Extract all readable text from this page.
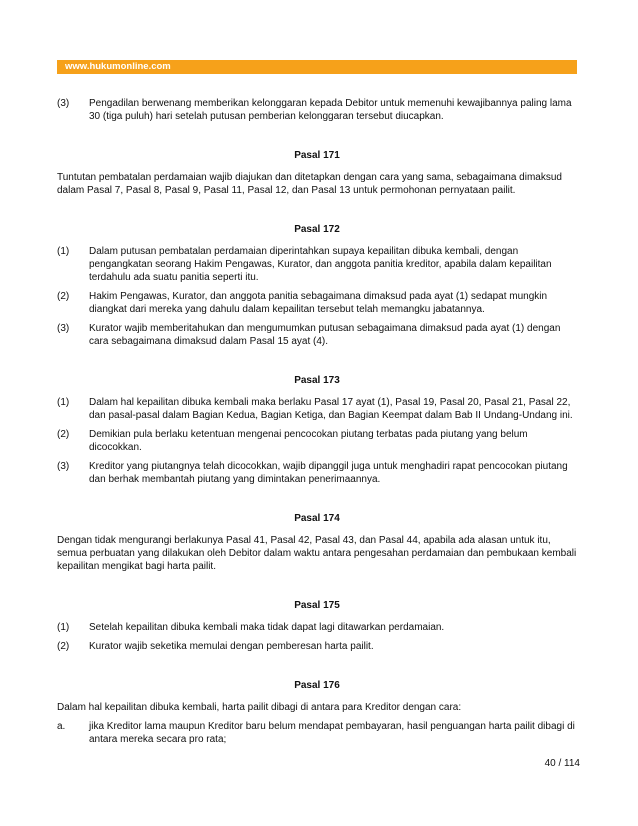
www.hukumonline.com
(3)	Pengadilan berwenang memberikan kelonggaran kepada Debitor untuk memenuhi kewajibannya paling lama 30 (tiga puluh) hari setelah putusan pemberian kelonggaran tersebut diucapkan.
Pasal 171
Tuntutan pembatalan perdamaian wajib diajukan dan ditetapkan dengan cara yang sama, sebagaimana dimaksud dalam Pasal 7, Pasal 8, Pasal 9, Pasal 11, Pasal 12, dan Pasal 13 untuk permohonan pernyataan pailit.
Pasal 172
(1)	Dalam putusan pembatalan perdamaian diperintahkan supaya kepailitan dibuka kembali, dengan pengangkatan seorang Hakim Pengawas, Kurator, dan anggota panitia kreditor, apabila dalam kepailitan terdahulu ada suatu panitia seperti itu.
(2)	Hakim Pengawas, Kurator, dan anggota panitia sebagaimana dimaksud pada ayat (1) sedapat mungkin diangkat dari mereka yang dahulu dalam kepailitan tersebut telah memangku jabatannya.
(3)	Kurator wajib memberitahukan dan mengumumkan putusan sebagaimana dimaksud pada ayat (1) dengan cara sebagaimana dimaksud dalam Pasal 15 ayat (4).
Pasal 173
(1)	Dalam hal kepailitan dibuka kembali maka berlaku Pasal 17 ayat (1), Pasal 19, Pasal 20, Pasal 21, Pasal 22, dan pasal-pasal dalam Bagian Kedua, Bagian Ketiga, dan Bagian Keempat dalam Bab II Undang-Undang ini.
(2)	Demikian pula berlaku ketentuan mengenai pencocokan piutang terbatas pada piutang yang belum dicocokkan.
(3)	Kreditor yang piutangnya telah dicocokkan, wajib dipanggil juga untuk menghadiri rapat pencocokan piutang dan berhak membantah piutang yang dimintakan penerimaannya.
Pasal 174
Dengan tidak mengurangi berlakunya Pasal 41, Pasal 42, Pasal 43, dan Pasal 44, apabila ada alasan untuk itu, semua perbuatan yang dilakukan oleh Debitor dalam waktu antara pengesahan perdamaian dan pembukaan kembali kepailitan mengikat bagi harta pailit.
Pasal 175
(1)	Setelah kepailitan dibuka kembali maka tidak dapat lagi ditawarkan perdamaian.
(2)	Kurator wajib seketika memulai dengan pemberesan harta pailit.
Pasal 176
Dalam hal kepailitan dibuka kembali, harta pailit dibagi di antara para Kreditor dengan cara:
a.	jika Kreditor lama maupun Kreditor baru belum mendapat pembayaran, hasil penguangan harta pailit dibagi di antara mereka secara pro rata;
40 / 114
